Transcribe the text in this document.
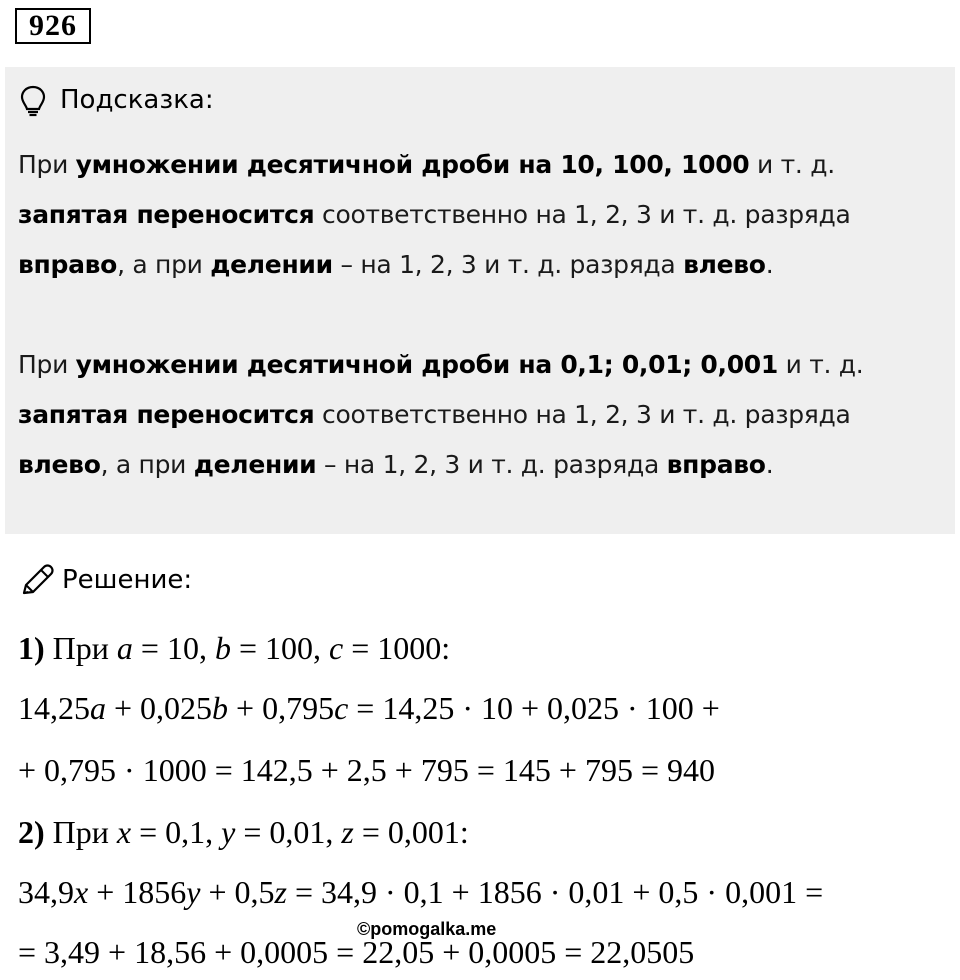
926
Подсказка:
При умножении десятичной дроби на 10, 100, 1000 и т. д. запятая переносится соответственно на 1, 2, 3 и т. д. разряда вправо, а при делении – на 1, 2, 3 и т. д. разряда влево.
При умножении десятичной дроби на 0,1; 0,01; 0,001 и т. д. запятая переносится соответственно на 1, 2, 3 и т. д. разряда влево, а при делении – на 1, 2, 3 и т. д. разряда вправо.
Решение:
1) При a = 10, b = 100, c = 1000:
14,25a + 0,025b + 0,795c = 14,25 · 10 + 0,025 · 100 +
+ 0,795 · 1000 = 142,5 + 2,5 + 795 = 145 + 795 = 940
2) При x = 0,1, y = 0,01, z = 0,001:
34,9x + 1856y + 0,5z = 34,9 · 0,1 + 1856 · 0,01 + 0,5 · 0,001 =
= 3,49 + 18,56 + 0,0005 = 22,05 + 0,0005 = 22,0505
©pomogalka.me
